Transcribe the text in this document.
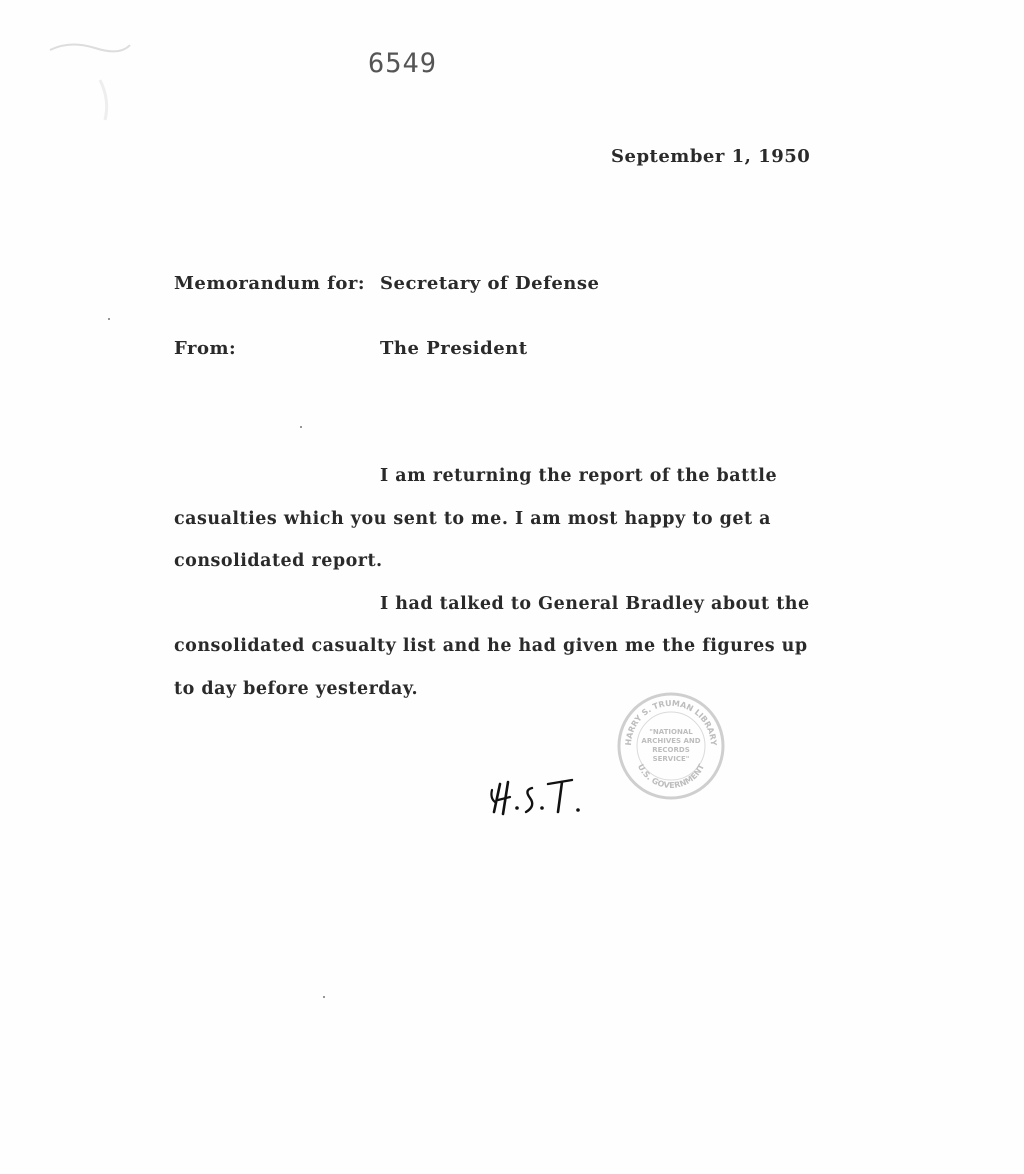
6549
September 1, 1950
Memorandum for: Secretary of Defense
From:	The President
I am returning the report of the battle
casualties which you sent to me. I am most happy to get a
consolidated report.
I had talked to General Bradley about the
consolidated casualty list and he had given me the figures up
to day before yesterday.
HARRY S. TRUMAN LIBRARY
U.S. GOVERNMENT
"NATIONAL
ARCHIVES AND
RECORDS
SERVICE"
